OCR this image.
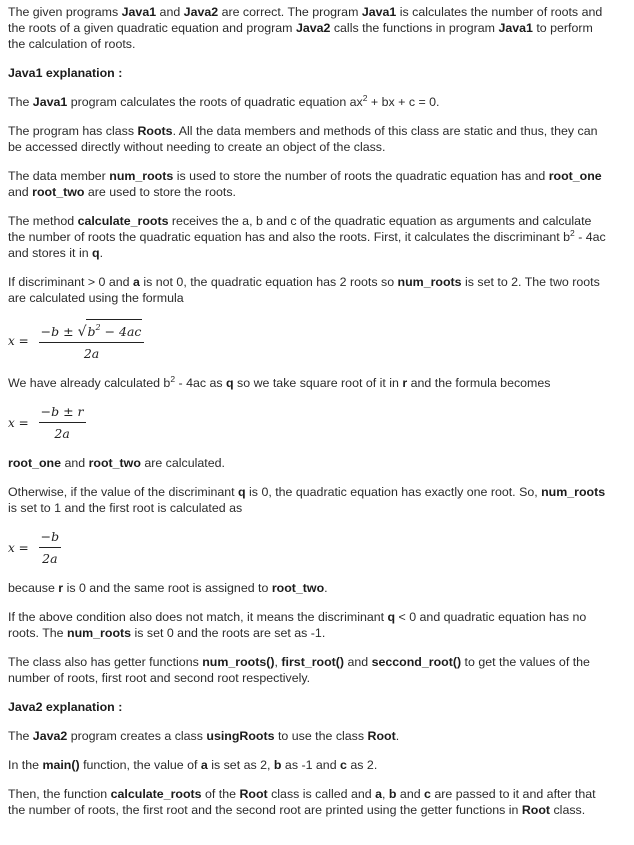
The given programs Java1 and Java2 are correct. The program Java1 is calculates the number of roots and the roots of a given quadratic equation and program Java2 calls the functions in program Java1 to perform the calculation of roots.

Java1 explanation :

The Java1 program calculates the roots of quadratic equation $ax^2$ + bx + c = 0.

The program has class Roots. All the data members and methods of this class are static and thus, they can be accessed directly without needing to create an object of the class.

The data member num_roots is used to store the number of roots the quadratic equation has and root_one and root_two are used to store the roots.

The method calculate_roots receives the a, b and c of the quadratic equation as arguments and calculate the number of roots the quadratic equation has and also the roots. First, it calculates the discriminant $b^2 - 4ac$ and stores it in q.

If discriminant > 0 and a is not 0, the quadratic equation has 2 roots so num_roots is set to 2. The two roots are calculated using the formula

$x = \frac{-b \pm √ b^2 - 4ac}{2a}$

We have already calculated $b^2 - 4ac$ as q so we take square root of it in r and the formula becomes

$x = \frac{-b \pm r}{2a}$

root_one and root_two are calculated.

Otherwise, if the value of the discriminant q is 0, the quadratic equation has exactly one root. So, num_roots is set to 1 and the first root is calculated as

$x = \frac{-b}{2a}$

because r is 0 and the same root is assigned to root_two.

If the above condition also does not match, it means the discriminant q < 0 and quadratic equation has no roots. The num_roots is set 0 and the roots are set as -1.

The class also has getter functions num_roots(), first_root() and seccond_root() to get the values of the number of roots, first root and second root respectively.

Java2 explanation :

The Java2 program creates a class usingRoots to use the class Root.

In the main() function, the value of a is set as 2, b as -1 and c as 2.

Then, the function calculate_roots of the Root class is called and a, b and c are passed to it and after that the number of roots, the first root and the second root are printed using the getter functions in Root class.
